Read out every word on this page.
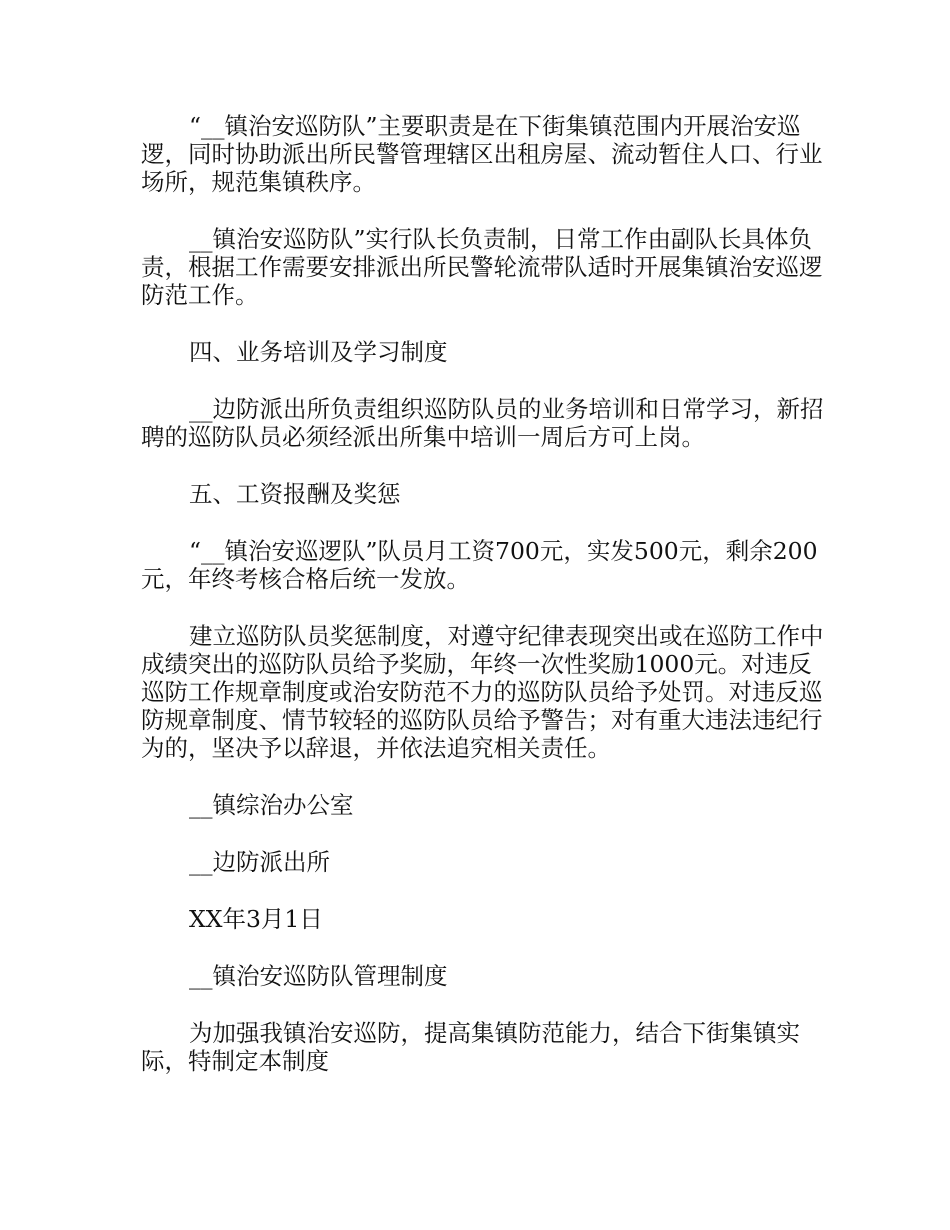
“__镇治安巡防队”主要职责是在下街集镇范围内开展治安巡逻，同时协助派出所民警管理辖区出租房屋、流动暂住人口、行业场所，规范集镇秩序。

__镇治安巡防队”实行队长负责制，日常工作由副队长具体负责，根据工作需要安排派出所民警轮流带队适时开展集镇治安巡逻防范工作。

四、业务培训及学习制度

__边防派出所负责组织巡防队员的业务培训和日常学习，新招聘的巡防队员必须经派出所集中培训一周后方可上岗。

五、工资报酬及奖惩

“__镇治安巡逻队”队员月工资700元，实发500元，剩余200元，年终考核合格后统一发放。

建立巡防队员奖惩制度，对遵守纪律表现突出或在巡防工作中成绩突出的巡防队员给予奖励，年终一次性奖励1000元。对违反巡防工作规章制度或治安防范不力的巡防队员给予处罚。对违反巡防规章制度、情节较轻的巡防队员给予警告；对有重大违法违纪行为的，坚决予以辞退，并依法追究相关责任。

__镇综治办公室

__边防派出所

XX年3月1日

__镇治安巡防队管理制度

为加强我镇治安巡防，提高集镇防范能力，结合下街集镇实际，特制定本制度
